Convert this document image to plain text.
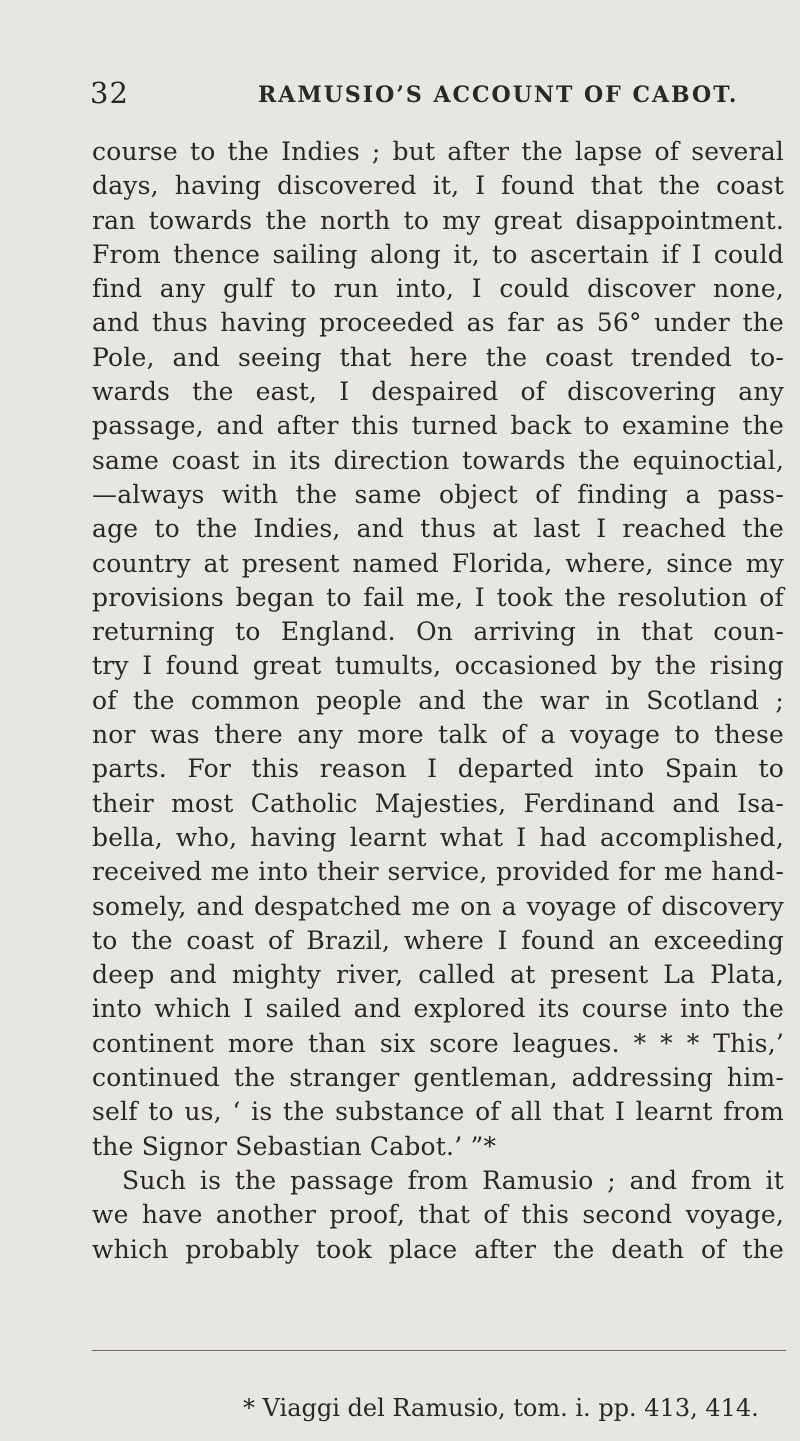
32	RAMUSIO’S ACCOUNT OF CABOT.
course to the Indies ; but after the lapse of several
days, having discovered it, I found that the coast
ran towards the north to my great disappointment.
From thence sailing along it, to ascertain if I could
find any gulf to run into, I could discover none,
and thus having proceeded as far as 56° under the
Pole, and seeing that here the coast trended to-
wards the east, I despaired of discovering any
passage, and after this turned back to examine the
same coast in its direction towards the equinoctial,
—always with the same object of finding a pass-
age to the Indies, and thus at last I reached the
country at present named Florida, where, since my
provisions began to fail me, I took the resolution of
returning to England. On arriving in that coun-
try I found great tumults, occasioned by the rising
of the common people and the war in Scotland ;
nor was there any more talk of a voyage to these
parts. For this reason I departed into Spain to
their most Catholic Majesties, Ferdinand and Isa-
bella, who, having learnt what I had accomplished,
received me into their service, provided for me hand-
somely, and despatched me on a voyage of discovery
to the coast of Brazil, where I found an exceeding
deep and mighty river, called at present La Plata,
into which I sailed and explored its course into the
continent more than six score leagues. * * * This,’
continued the stranger gentleman, addressing him-
self to us, ‘ is the substance of all that I learnt from
the Signor Sebastian Cabot.’ ”*
Such is the passage from Ramusio ; and from it
we have another proof, that of this second voyage,
which probably took place after the death of the
* Viaggi del Ramusio, tom. i. pp. 413, 414.
